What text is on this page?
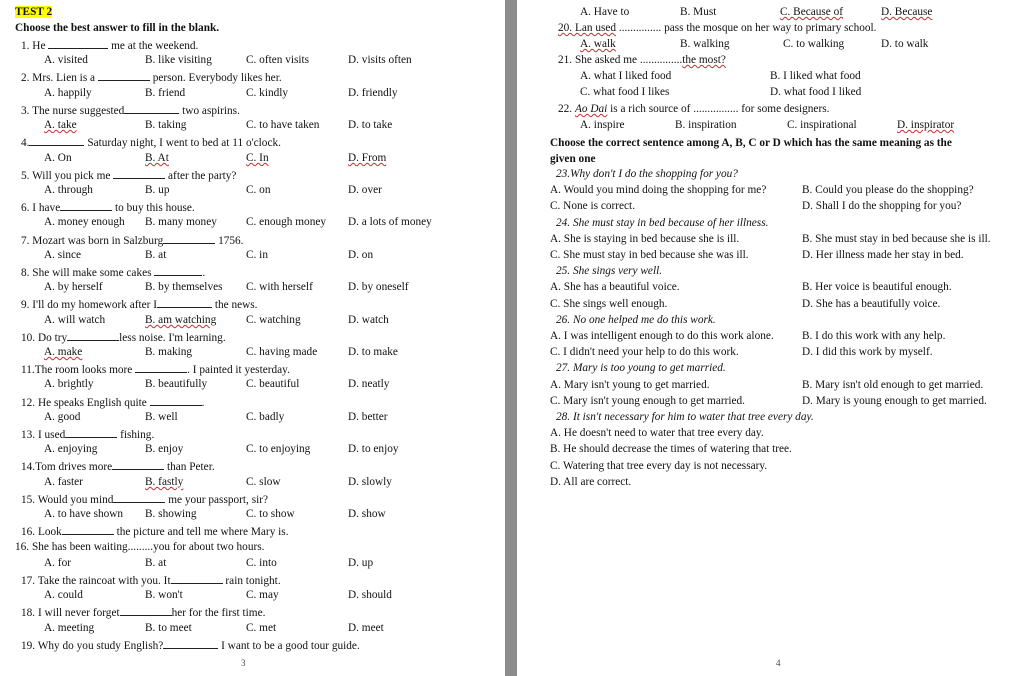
TEST 2
Choose the best answer to fill in the blank.
1. He	me at the weekend.
A. visited	B. like visiting	C. often visits	D. visits often
2. Mrs. Lien is a	person. Everybody likes her.
A. happily	B. friend	C. kindly	D. friendly
3. The nurse suggested	two aspirins.
A. take	B. taking	C. to have taken	D. to take
4.	Saturday night, I went to bed at 11 o'clock.
A. On	B. At	C. In	D. From
5. Will you pick me	after the party?
A. through	B. up	C. on	D. over
6. I have	to buy this house.
A. money enough B. many money	C. enough money D. a lots of money
7. Mozart was born in Salzburg	1756.
A. since	B. at	C. in	D. on
8. She will make some cakes	.
A. by herself	B. by themselves C. with herself	D. by oneself
9. I'll do my homework after I	the news.
A. will watch	B. am watching	C. watching	D. watch
10. Do try	less noise. I'm learning.
A. make	B. making	C. having made	D. to make
11.The room looks more	. I painted it yesterday.
A. brightly	B. beautifully	C. beautiful	D. neatly
12. He speaks English quite	.
A. good	B. well	C. badly	D. better
13. I used	fishing.
A. enjoying	B. enjoy	C. to enjoying	D. to enjoy
14.Tom drives more	than Peter.
A. faster	B. fastly	C. slow	D. slowly
15. Would you mind	me your passport, sir?
A. to have shown B. showing	C. to show	D. show
16. Look	the picture and tell me where Mary is.
16. She has been waiting.........you for about two hours.
A. for	B. at	C. into	D. up
17. Take the raincoat with you. It	rain tonight.
A. could	B. won't	C. may	D. should
18. I will never forget	her for the first time.
A. meeting	B. to meet	C. met	D. meet
19. Why do you study English?	I want to be a good tour guide.
3
A. Have to	B. Must	C. Because of	D. Because
20. Lan used ............... pass the mosque on her way to primary school.
A. walk	B. walking	C. to walking	D. to walk
21. She asked me ...............the most?
A. what I liked food	B. I liked what food
C. what food I likes	D. what food I liked
22. Ao Dai is a rich source of ................ for some designers.
A. inspire	B. inspiration	C. inspirational	D. inspirator
Choose the correct sentence among A, B, C or D which has the same meaning as the
given one
23.Why don't I do the shopping for you?
A. Would you mind doing the shopping for me?	B. Could you please do the shopping?
C. None is correct.	D. Shall I do the shopping for you?
24. She must stay in bed because of her illness.
A. She is staying in bed because she is ill.	B. She must stay in bed because she is ill.
C. She must stay in bed because she was ill.	D. Her illness made her stay in bed.
25. She sings very well.
A. She has a beautiful voice.	B. Her voice is beautiful enough.
C. She sings well enough.	D. She has a beautifully voice.
26. No one helped me do this work.
A. I was intelligent enough to do this work alone.	B. I do this work with any help.
C. I didn't need your help to do this work.	D. I did this work by myself.
27. Mary is too young to get married.
A. Mary isn't young to get married.	B. Mary isn't old enough to get married.
C. Mary isn't young enough to get married.	D. Mary is young enough to get married.
28. It isn't necessary for him to water that tree every day.
A. He doesn't need to water that tree every day.
B. He should decrease the times of watering that tree.
C. Watering that tree every day is not necessary.
D. All are correct.
4
